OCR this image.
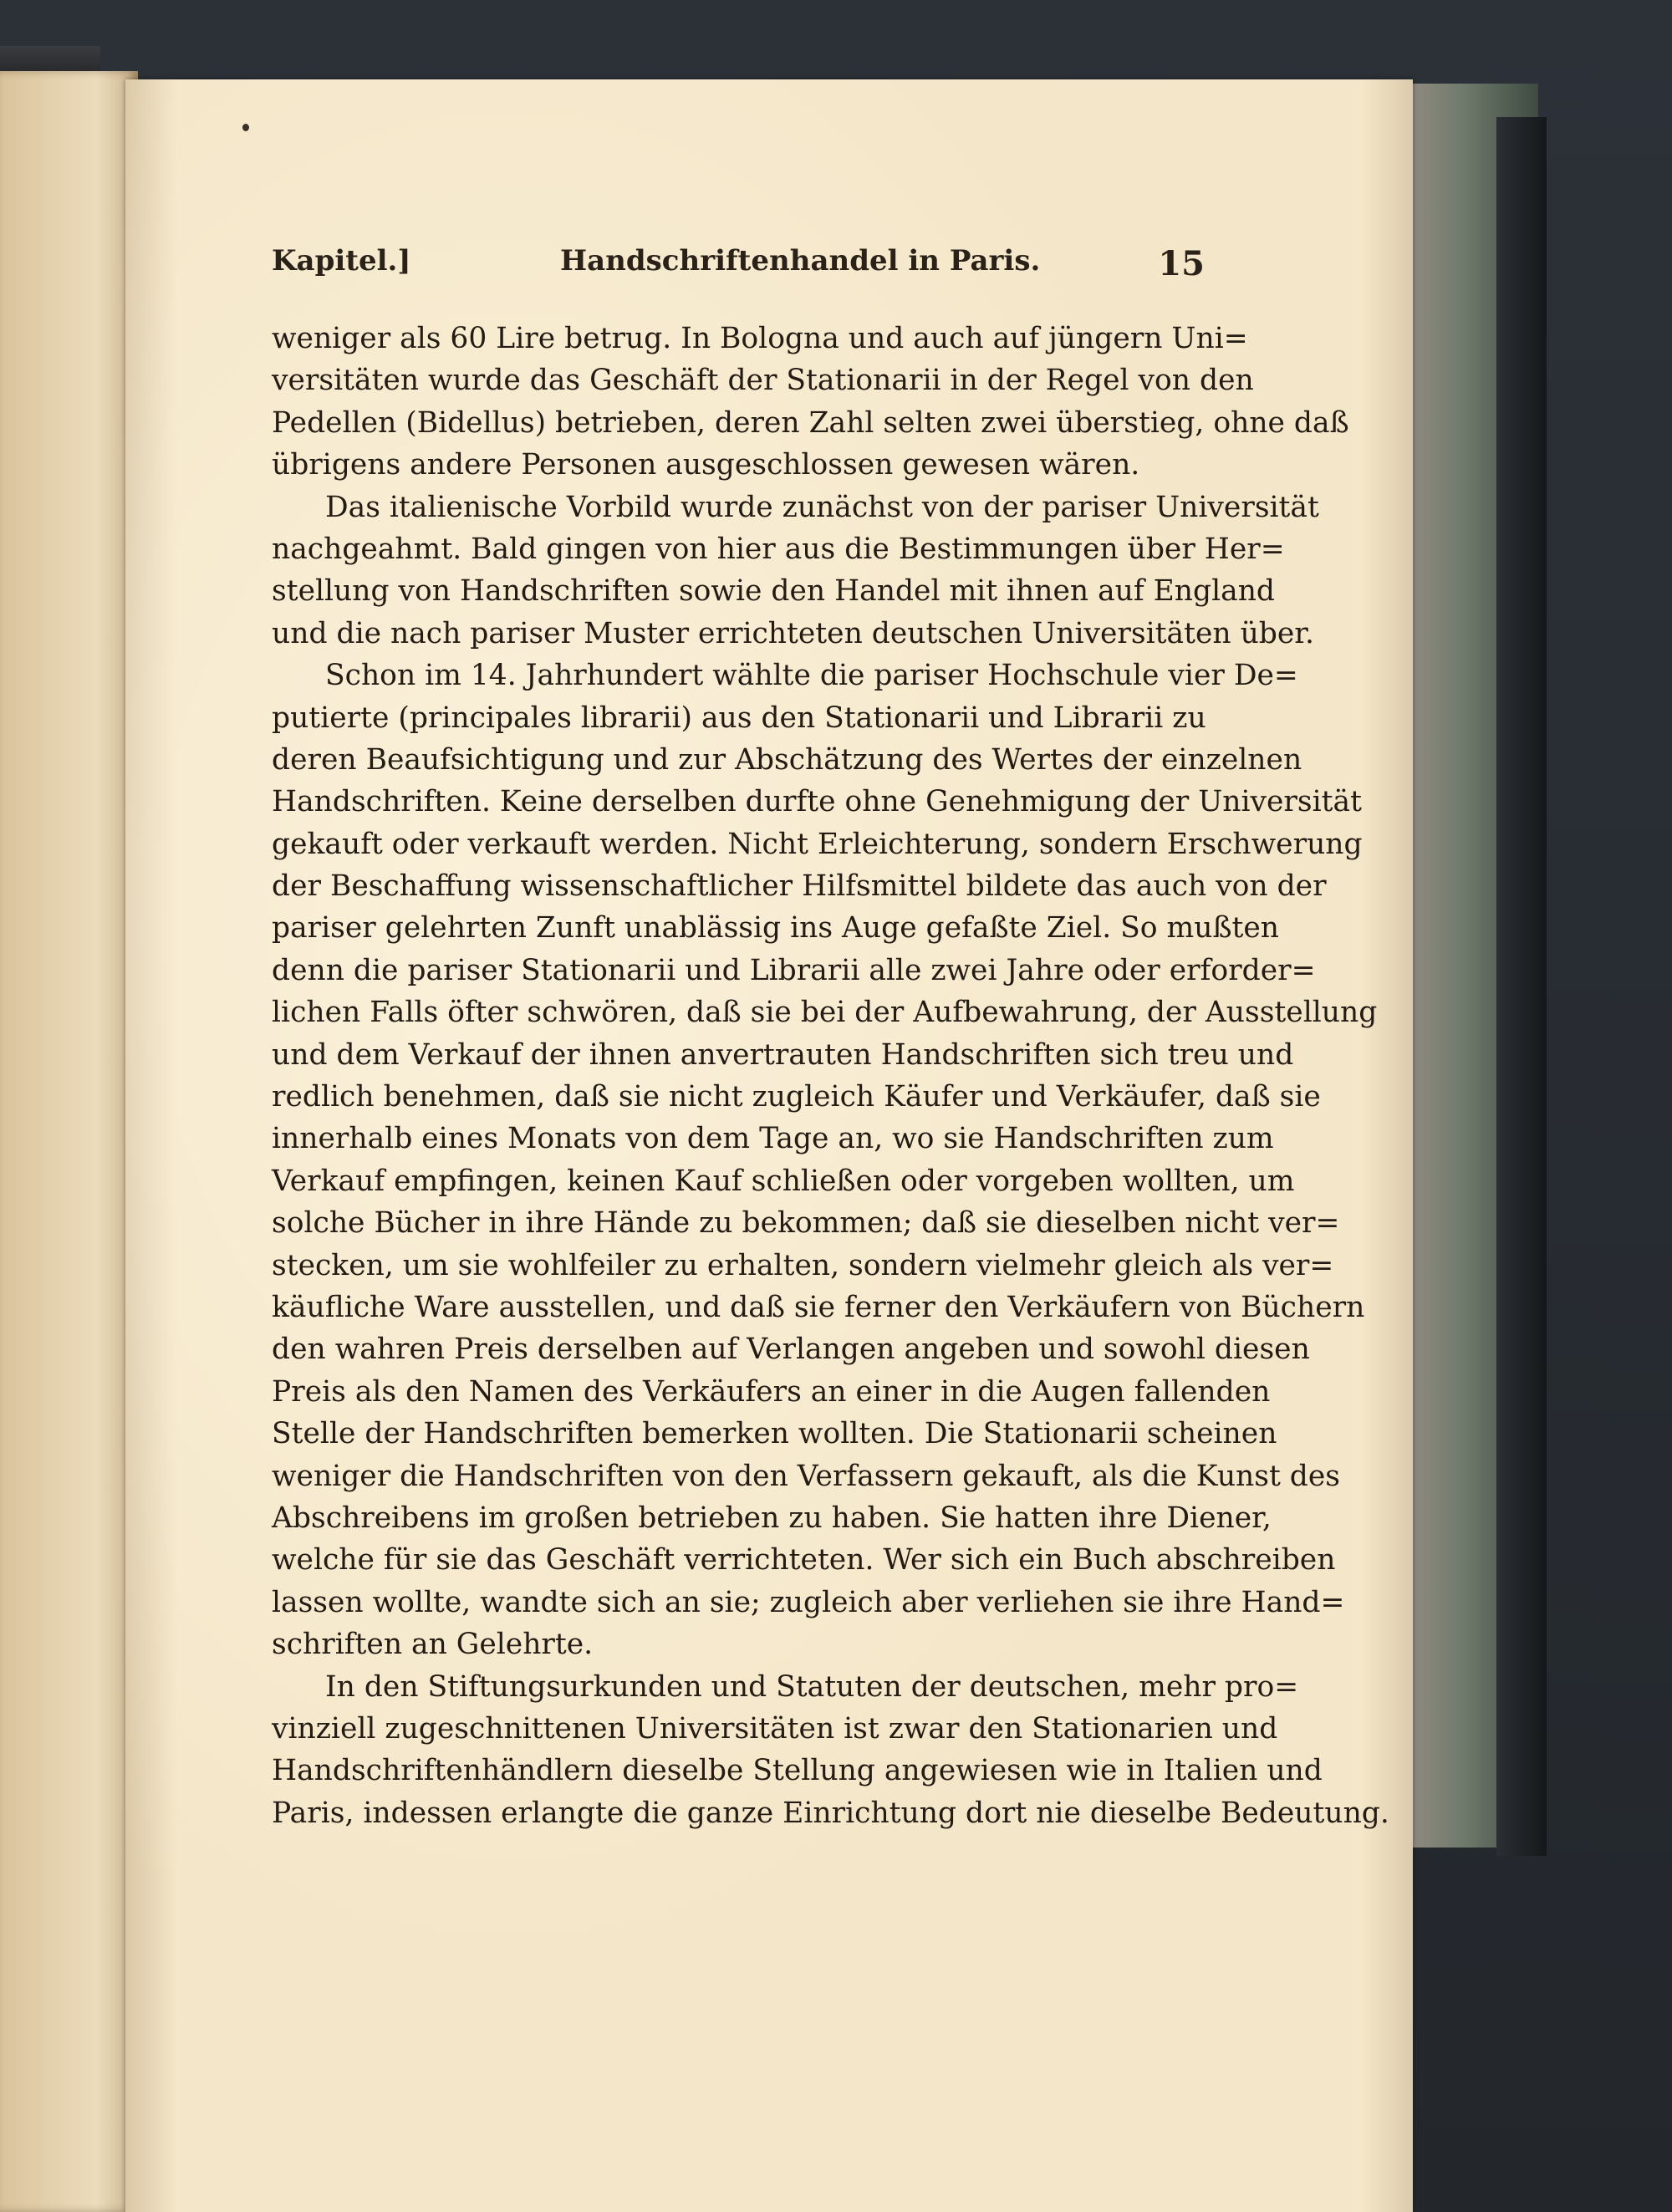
Kapitel.]	Handschriftenhandel in Paris.	15
weniger als 60 Lire betrug. In Bologna und auch auf jüngern Uni=
versitäten wurde das Geschäft der Stationarii in der Regel von den
Pedellen (Bidellus) betrieben, deren Zahl selten zwei überstieg, ohne daß
übrigens andere Personen ausgeschlossen gewesen wären.
Das italienische Vorbild wurde zunächst von der pariser Universität
nachgeahmt. Bald gingen von hier aus die Bestimmungen über Her=
stellung von Handschriften sowie den Handel mit ihnen auf England
und die nach pariser Muster errichteten deutschen Universitäten über.
Schon im 14. Jahrhundert wählte die pariser Hochschule vier De=
putierte (principales librarii) aus den Stationarii und Librarii zu
deren Beaufsichtigung und zur Abschätzung des Wertes der einzelnen
Handschriften. Keine derselben durfte ohne Genehmigung der Universität
gekauft oder verkauft werden. Nicht Erleichterung, sondern Erschwerung
der Beschaffung wissenschaftlicher Hilfsmittel bildete das auch von der
pariser gelehrten Zunft unablässig ins Auge gefaßte Ziel. So mußten
denn die pariser Stationarii und Librarii alle zwei Jahre oder erforder=
lichen Falls öfter schwören, daß sie bei der Aufbewahrung, der Ausstellung
und dem Verkauf der ihnen anvertrauten Handschriften sich treu und
redlich benehmen, daß sie nicht zugleich Käufer und Verkäufer, daß sie
innerhalb eines Monats von dem Tage an, wo sie Handschriften zum
Verkauf empfingen, keinen Kauf schließen oder vorgeben wollten, um
solche Bücher in ihre Hände zu bekommen; daß sie dieselben nicht ver=
stecken, um sie wohlfeiler zu erhalten, sondern vielmehr gleich als ver=
käufliche Ware ausstellen, und daß sie ferner den Verkäufern von Büchern
den wahren Preis derselben auf Verlangen angeben und sowohl diesen
Preis als den Namen des Verkäufers an einer in die Augen fallenden
Stelle der Handschriften bemerken wollten. Die Stationarii scheinen
weniger die Handschriften von den Verfassern gekauft, als die Kunst des
Abschreibens im großen betrieben zu haben. Sie hatten ihre Diener,
welche für sie das Geschäft verrichteten. Wer sich ein Buch abschreiben
lassen wollte, wandte sich an sie; zugleich aber verliehen sie ihre Hand=
schriften an Gelehrte.
In den Stiftungsurkunden und Statuten der deutschen, mehr pro=
vinziell zugeschnittenen Universitäten ist zwar den Stationarien und
Handschriftenhändlern dieselbe Stellung angewiesen wie in Italien und
Paris, indessen erlangte die ganze Einrichtung dort nie dieselbe Bedeutung.
